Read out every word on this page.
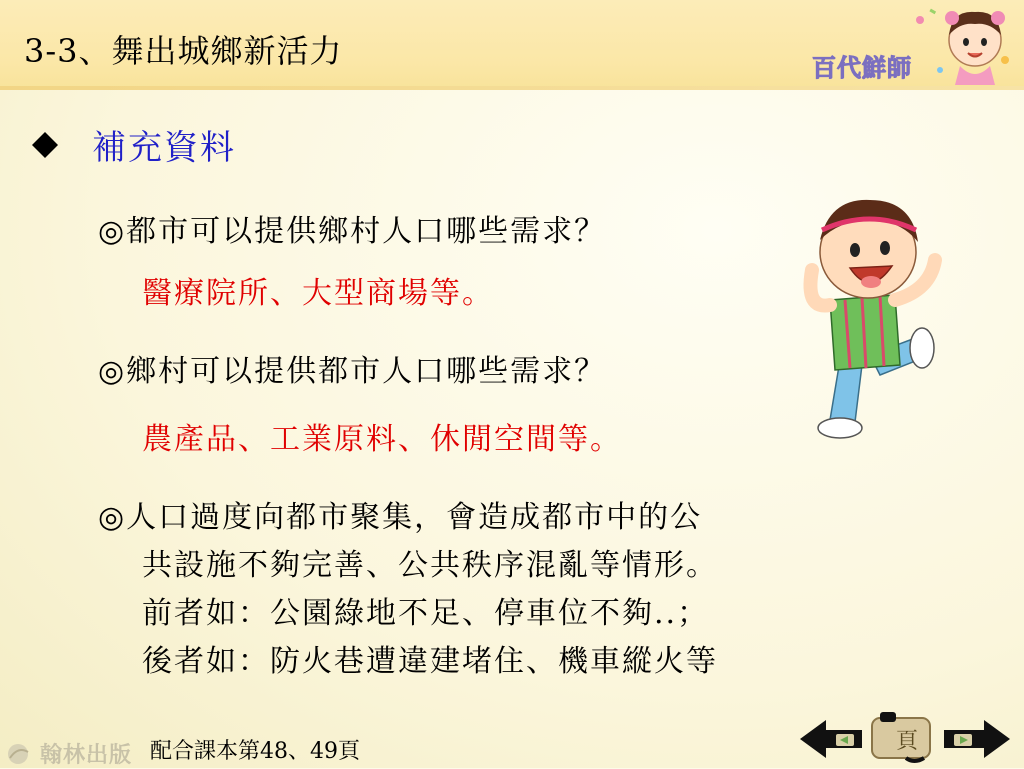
3-3、舞出城鄉新活力	百代鮮師
補充資料
◎都市可以提供鄉村人口哪些需求？
醫療院所、大型商場等。
◎鄉村可以提供都市人口哪些需求？
農產品、工業原料、休閒空間等。
◎人口過度向都市聚集，會造成都市中的公
共設施不夠完善、公共秩序混亂等情形。
前者如：公園綠地不足、停車位不夠..；
後者如：防火巷遭違建堵住、機車縱火等
翰林出版 配合課本第48、49頁	頁
